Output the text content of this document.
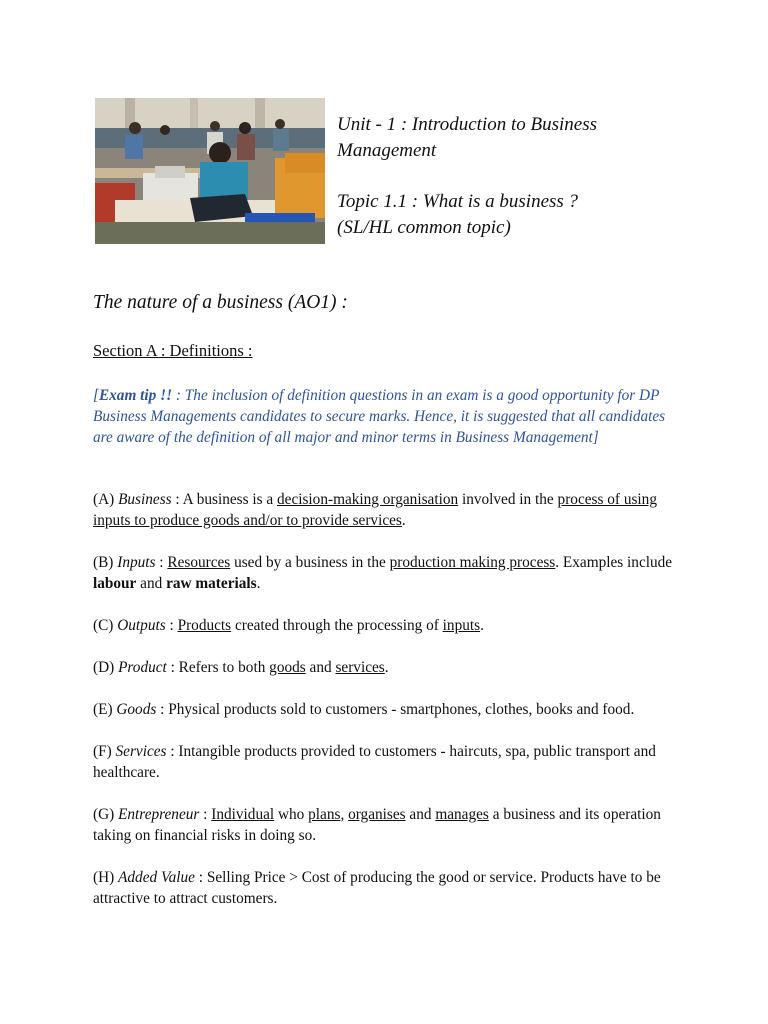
Unit - 1 : Introduction to Business

Management

Topic 1.1 : What is a business ?

(SL/HL common topic)

The nature of a business (AO1) :
Section A : Definitions :

[Exam tip !! : The inclusion of definition questions in an exam is a good opportunity for DP Business Managements candidates to secure marks. Hence, it is suggested that all candidates are aware of the definition of all major and minor terms in Business Management]

(A) Business : A business is a decision-making organisation involved in the process of using inputs to produce goods and/or to provide services.
(B) Inputs : Resources used by a business in the production making process. Examples include labour and raw materials.
(C) Outputs : Products created through the processing of inputs.
(D) Product : Refers to both goods and services.
(E) Goods : Physical products sold to customers - smartphones, clothes, books and food.
(F) Services : Intangible products provided to customers - haircuts, spa, public transport and healthcare.
(G) Entrepreneur : Individual who plans, organises and manages a business and its operation taking on financial risks in doing so.
(H) Added Value : Selling Price > Cost of producing the good or service. Products have to be attractive to attract customers.
